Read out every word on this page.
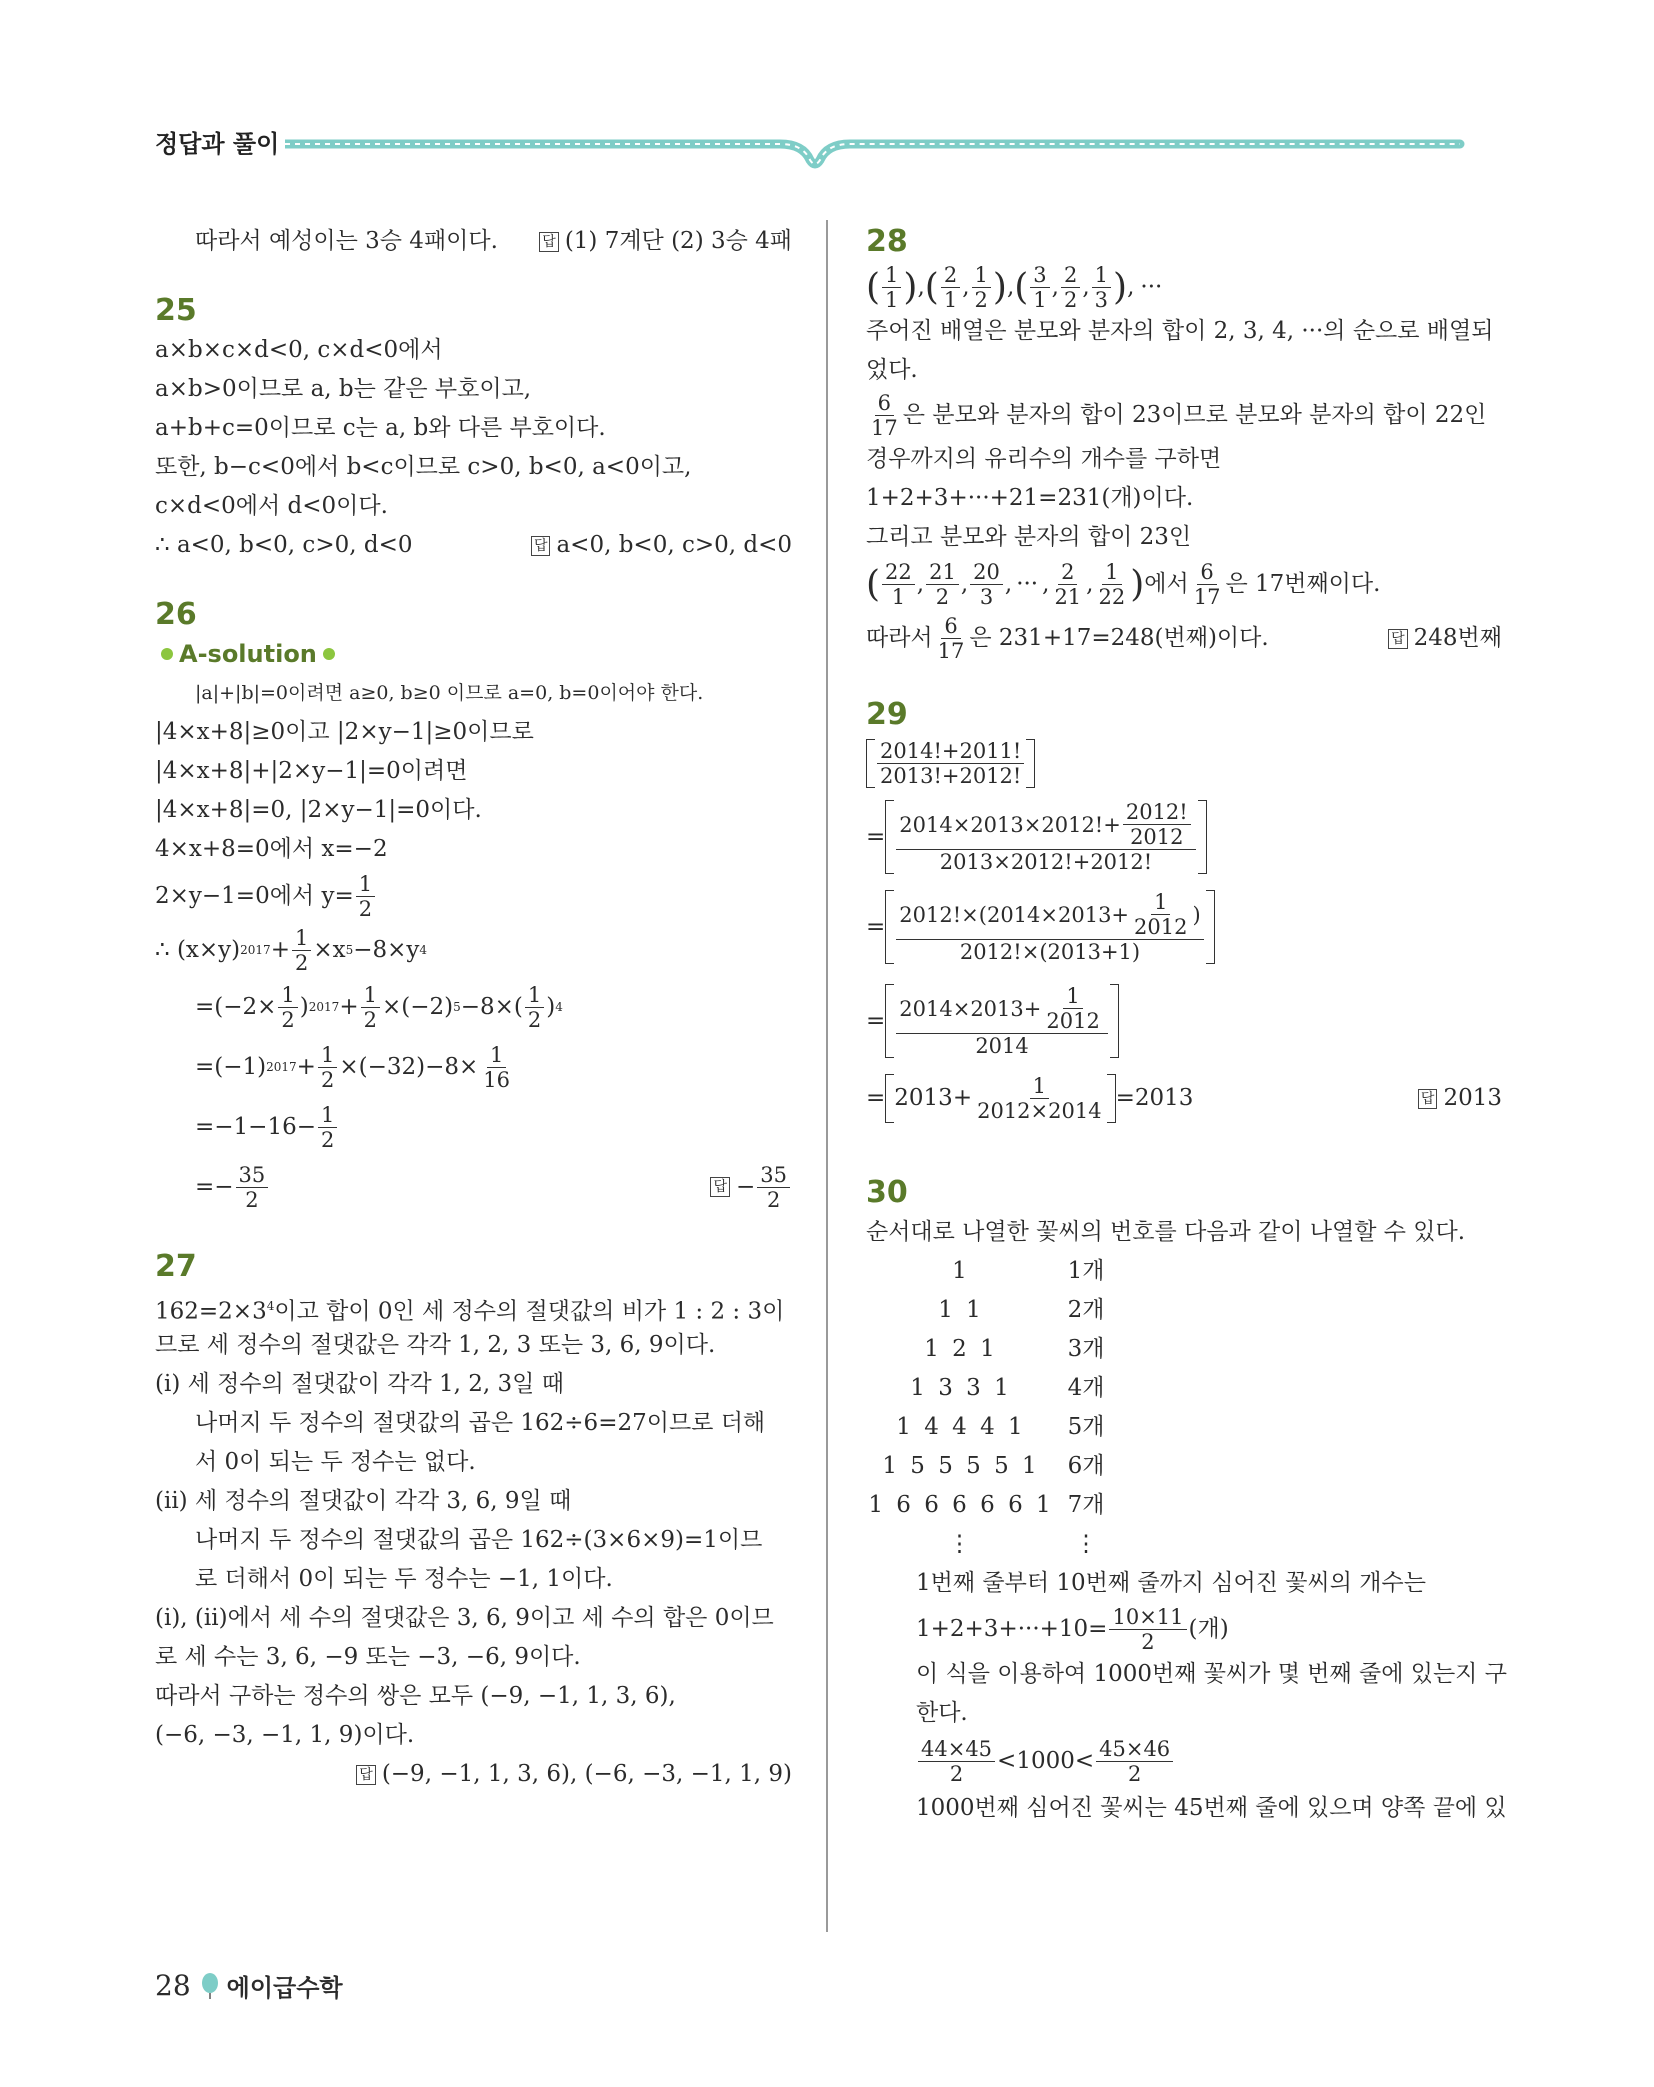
정답과 풀이
따라서 예성이는 3승 4패이다.	답 (1) 7계단 (2) 3승 4패
25
a×b×c×d<0, c×d<0에서
a×b>0이므로 a, b는 같은 부호이고,
a+b+c=0이므로 c는 a, b와 다른 부호이다.
또한, b−c<0에서 b<c이므로 c>0, b<0, a<0이고,
c×d<0에서 d<0이다.
∴ a<0, b<0, c>0, d<0	답 a<0, b<0, c>0, d<0
26
A-solution
|a|+|b|=0이려면 a≥0, b≥0 이므로 a=0, b=0이어야 한다.
|4×x+8|≥0이고 |2×y−1|≥0이므로
|4×x+8|+|2×y−1|=0이려면
|4×x+8|=0, |2×y−1|=0이다.
4×x+8=0에서 x=−2
2×y−1=0에서 $y= \frac{1}{2}$
∴ (x×y) $2017 + \frac{1}{2} \times x$ 5 −8×y 4
$=(-2\times \frac{1}{2}$ ) $2017 + \frac{1}{2} \times(-2)$ $5 -8\times( \frac{1}{2}$ ) 4
=(−1) $2017 + \frac{1}{2} \times(-32)-8\times \frac{1}{16}$
$=-1-16- \frac{1}{2}$
=− $\frac{35}{2}$	답 − $\frac{35}{2}$
27
$162=2\times 3^4$이고 합이 0인 세 정수의 절댓값의 비가 1 : 2 : 3이
므로 세 정수의 절댓값은 각각 1, 2, 3 또는 3, 6, 9이다.
(i) 세 정수의 절댓값이 각각 1, 2, 3일 때
나머지 두 정수의 절댓값의 곱은 162÷6=27이므로 더해
서 0이 되는 두 정수는 없다.
(ii) 세 정수의 절댓값이 각각 3, 6, 9일 때
나머지 두 정수의 절댓값의 곱은 162÷(3×6×9)=1이므
로 더해서 0이 되는 두 정수는 −1, 1이다.
(i), (ii)에서 세 수의 절댓값은 3, 6, 9이고 세 수의 합은 0이므
로 세 수는 3, 6, −9 또는 −3, −6, 9이다.
따라서 구하는 정수의 쌍은 모두 (−9, −1, 1, 3, 6),
(−6, −3, −1, 1, 9)이다.
답 (−9, −1, 1, 3, 6), (−6, −3, −1, 1, 9)
28
( $\frac{1}{1}$ ) , ( $\frac{2}{1}$ , $\frac{1}{2}$ ) , ( $\frac{3}{1}$ , $\frac{2}{2}$ , $\frac{1}{3}$ ) , ···
주어진 배열은 분모와 분자의 합이 2, 3, 4, ···의 순으로 배열되
었다.
$\frac{6}{17}$ 은 분모와 분자의 합이 23이므로 분모와 분자의 합이 22인
경우까지의 유리수의 개수를 구하면
1+2+3+···+21=231(개)이다.
그리고 분모와 분자의 합이 23인
( $\frac{22}{1}$ , $\frac{21}{2}$ , $\frac{20}{3}$ , ··· , $\frac{2}{21}$ , $\frac{1}{22}$ ) 에서 $\frac{6}{17}$ 은 17번째이다.
따라서 $\frac{6}{17}$ 은 231+17=248(번째)이다.	답 248번째
29
$\frac{2014!+2011!}{2013!+2012!}$
= $\frac{2014\times 2013\times 2012!+ \frac{2012!}{2012}}{2013\times 2012!+2012!}$
= $\frac{2012!\times(2014\times 2013+ \frac{1}{2012} )}{2012!\times(2013+1)}$
= $\frac{2014\times 2013+ \frac{1}{2012}}{2014}$
= $2013+ \frac{1}{2012\times 2014} =2013$	답 2013
30
순서대로 나열한 꽃씨의 번호를 다음과 같이 나열할 수 있다.
1	1개
1 1	2개
1 2 1	3개
1 3 3 1	4개
1 4 4 4 1	5개
1 5 5 5 5 1	6개
1 6 6 6 6 6 1 7개
⋮	⋮
1번째 줄부터 10번째 줄까지 심어진 꽃씨의 개수는
$1+2+3+\cdot\cdot\cdot+10= \frac{10\times 11}{2}$ (개)
이 식을 이용하여 1000번째 꽃씨가 몇 번째 줄에 있는지 구
한다.
$\frac{44\times 45}{2} <1000< \frac{45\times 46}{2}$
1000번째 심어진 꽃씨는 45번째 줄에 있으며 양쪽 끝에 있
28 에이급수학
